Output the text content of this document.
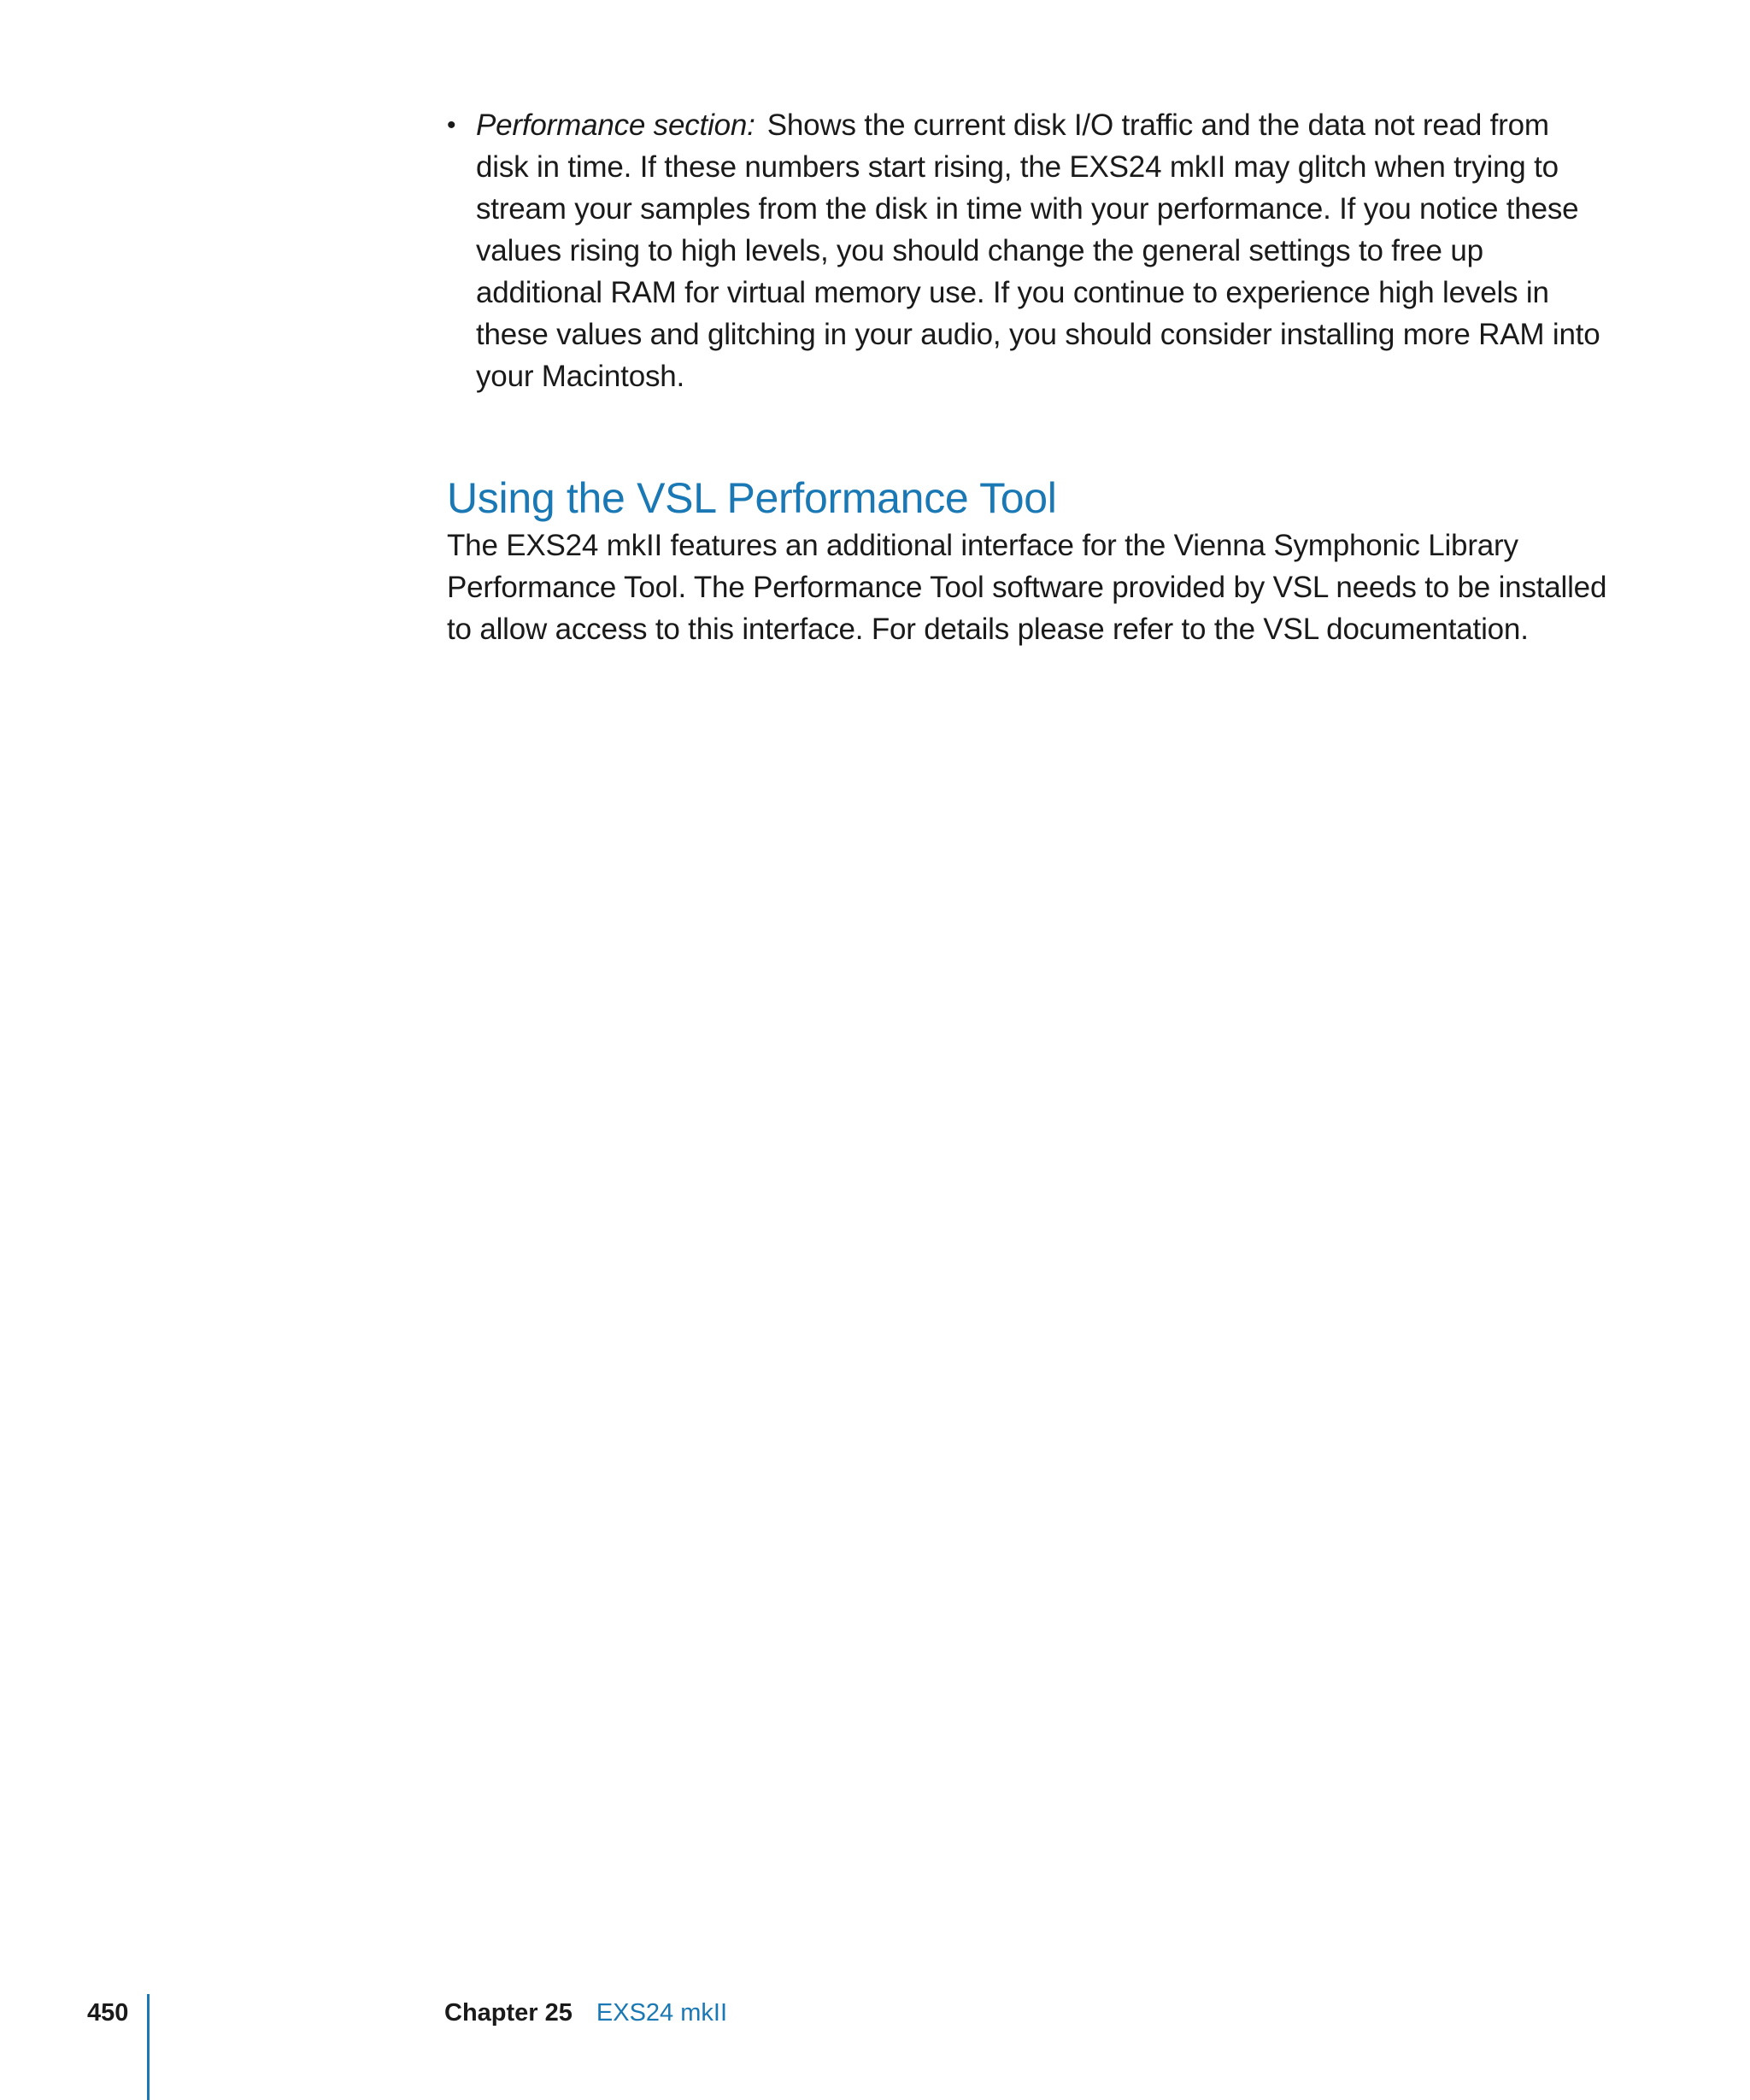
• Performance section: Shows the current disk I/O traffic and the data not read from disk in time. If these numbers start rising, the EXS24 mkII may glitch when trying to stream your samples from the disk in time with your performance. If you notice these values rising to high levels, you should change the general settings to free up additional RAM for virtual memory use. If you continue to experience high levels in these values and glitching in your audio, you should consider installing more RAM into your Macintosh.
Using the VSL Performance Tool

The EXS24 mkII features an additional interface for the Vienna Symphonic Library Performance Tool. The Performance Tool software provided by VSL needs to be installed to allow access to this interface. For details please refer to the VSL documentation.

450	Chapter 25 EXS24 mkII
